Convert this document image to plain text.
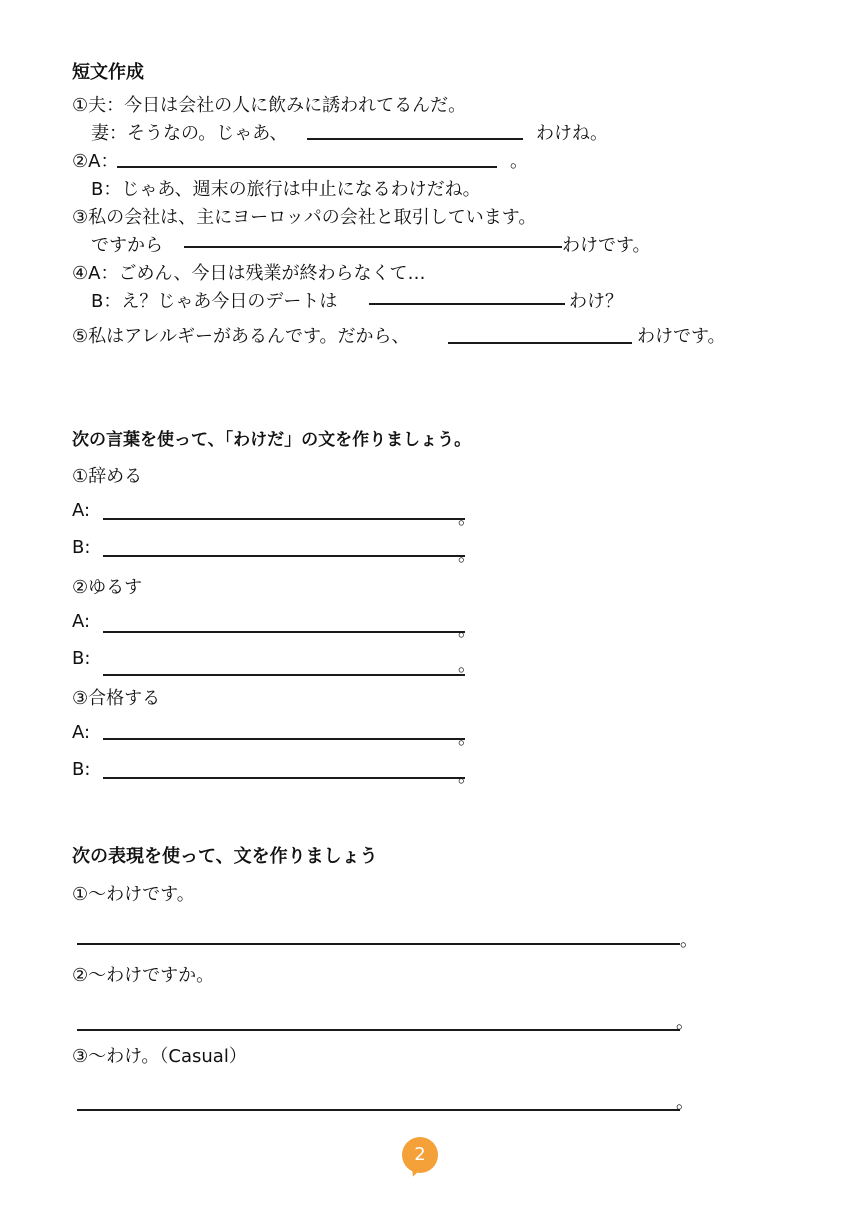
短文作成
①夫：今日は会社の人に飲みに誘われてるんだ。
妻：そうなの。じゃあ、	わけね。
②A：	。
B：じゃあ、週末の旅行は中止になるわけだね。
③私の会社は、主にヨーロッパの会社と取引しています。
ですから	わけです。
④A：ごめん、今日は残業が終わらなくて…
B：え？じゃあ今日のデートは	わけ？
⑤私はアレルギーがあるんです。だから、	わけです。
次の言葉を使って、「わけだ」の文を作りましょう。
①辞める
A:	。
B:	。
②ゆるす
A:	。
B:	。
③合格する
A:	。
B:	。
次の表現を使って、文を作りましょう
①～わけです。
。
②～わけですか。
。
③～わけ。（Casual）
。
2
